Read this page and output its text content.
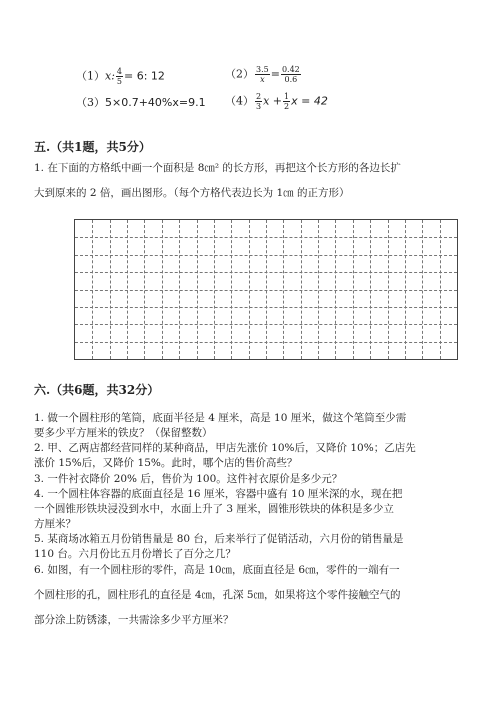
（1）x: $\frac{4}{5} = 6$: 12	$(2) \frac{3.5}{x}= \frac{0.42}{0.6}$
（3）5×0.7+40%x=9.1 $(4) \frac{2}{3}$ $x + \frac{1}{2}$ x = 42
五.（共1题，共5分）
1. 在下面的方格纸中画一个面积是 8㎝² 的长方形，再把这个长方形的各边长扩
大到原来的 2 倍，画出图形。（每个方格代表边长为 1㎝ 的正方形）
六.（共6题，共32分）
1. 做一个圆柱形的笔筒，底面半径是 4 厘米，高是 10 厘米，做这个笔筒至少需
要多少平方厘米的铁皮？（保留整数）
2. 甲、乙两店都经营同样的某种商品，甲店先涨价 10%后，又降价 10%；乙店先
涨价 15%后，又降价 15%。此时，哪个店的售价高些？
3. 一件衬衣降价 20% 后，售价为 100。这件衬衣原价是多少元？
4. 一个圆柱体容器的底面直径是 16 厘米，容器中盛有 10 厘米深的水，现在把
一个圆锥形铁块浸没到水中，水面上升了 3 厘米，圆锥形铁块的体积是多少立
方厘米？
5. 某商场冰箱五月份销售量是 80 台，后来举行了促销活动，六月份的销售量是
110 台。六月份比五月份增长了百分之几？
6. 如图，有一个圆柱形的零件，高是 10㎝，底面直径是 6㎝，零件的一端有一
个圆柱形的孔，圆柱形孔的直径是 4㎝，孔深 5㎝，如果将这个零件接触空气的
部分涂上防锈漆，一共需涂多少平方厘米？
